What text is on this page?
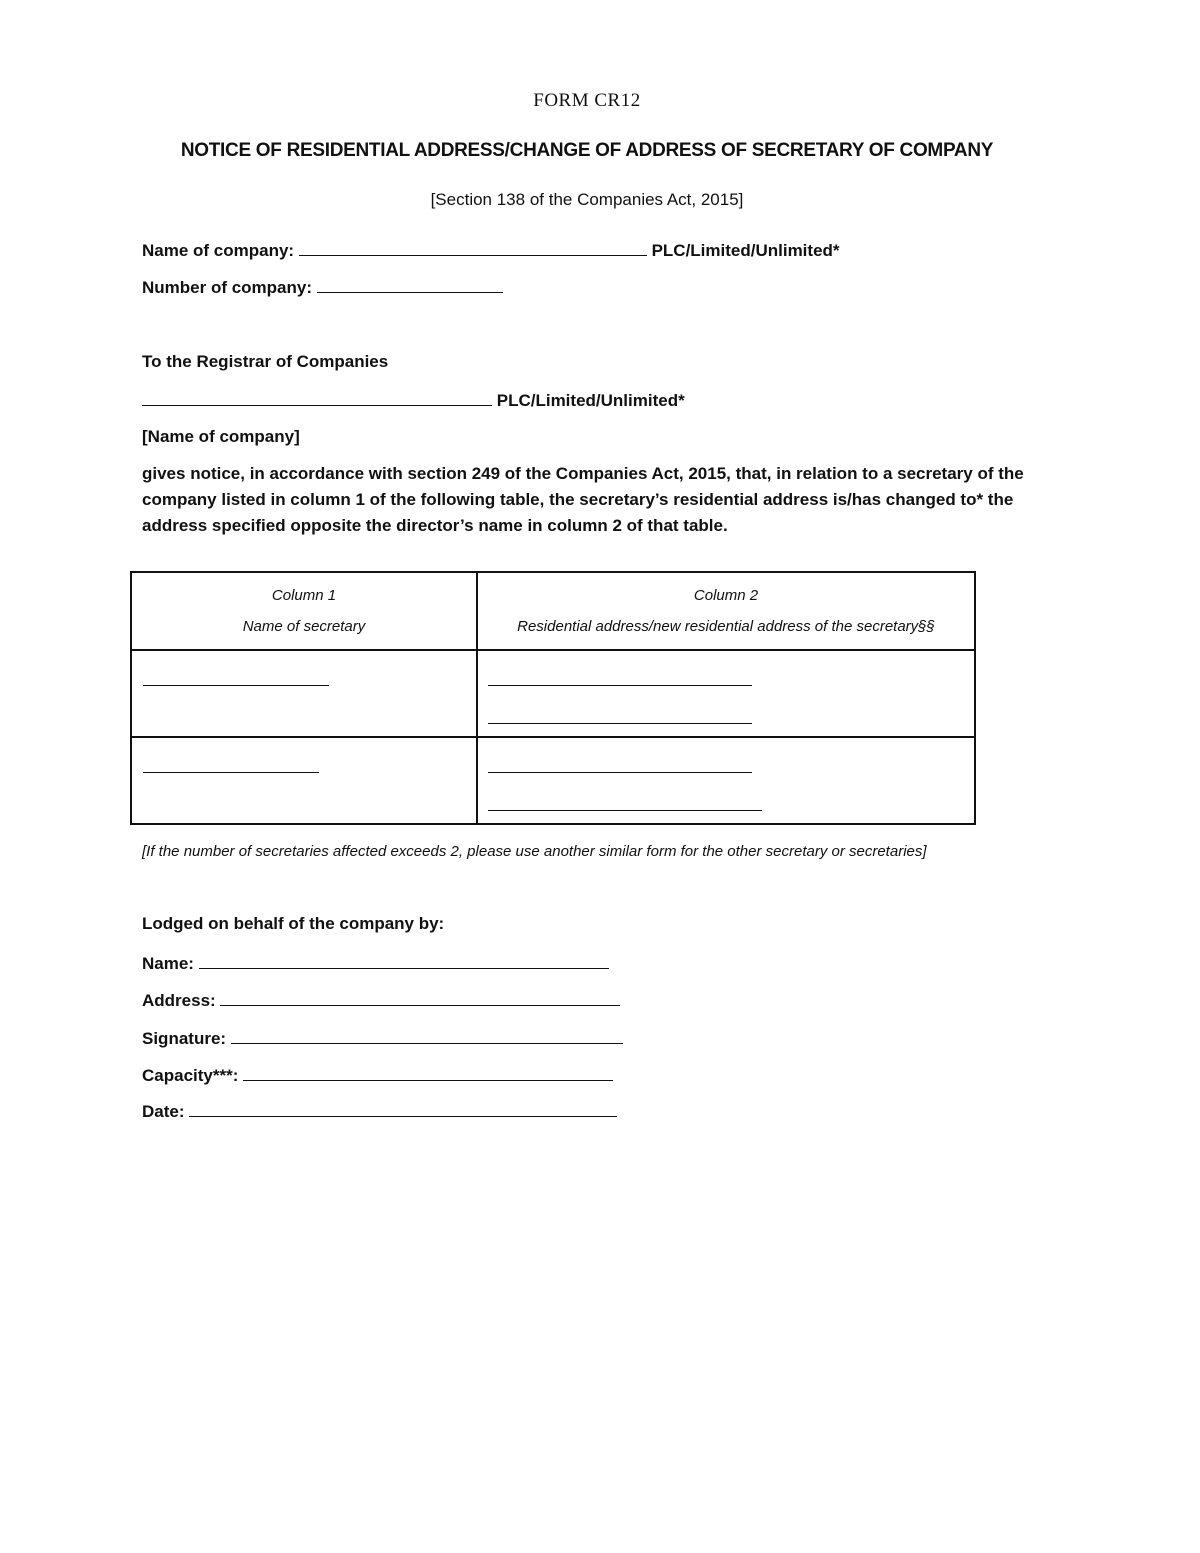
FORM CR12
NOTICE OF RESIDENTIAL ADDRESS/CHANGE OF ADDRESS OF SECRETARY OF COMPANY
[Section 138 of the Companies Act, 2015]
Name of company:	PLC/Limited/Unlimited*
Number of company:
To the Registrar of Companies
PLC/Limited/Unlimited*
[Name of company]
gives notice, in accordance with section 249 of the Companies Act, 2015, that, in relation to a secretary of the company listed in column 1 of the following table, the secretary’s residential address is/has changed to* the address specified opposite the director’s name in column 2 of that table.
Column 1
Name of secretary	Column 2
Residential address/new residential address of the secretary§§

[If the number of secretaries affected exceeds 2, please use another similar form for the other secretary or secretaries]
Lodged on behalf of the company by:
Name:
Address:
Signature:
Capacity***:
Date:
